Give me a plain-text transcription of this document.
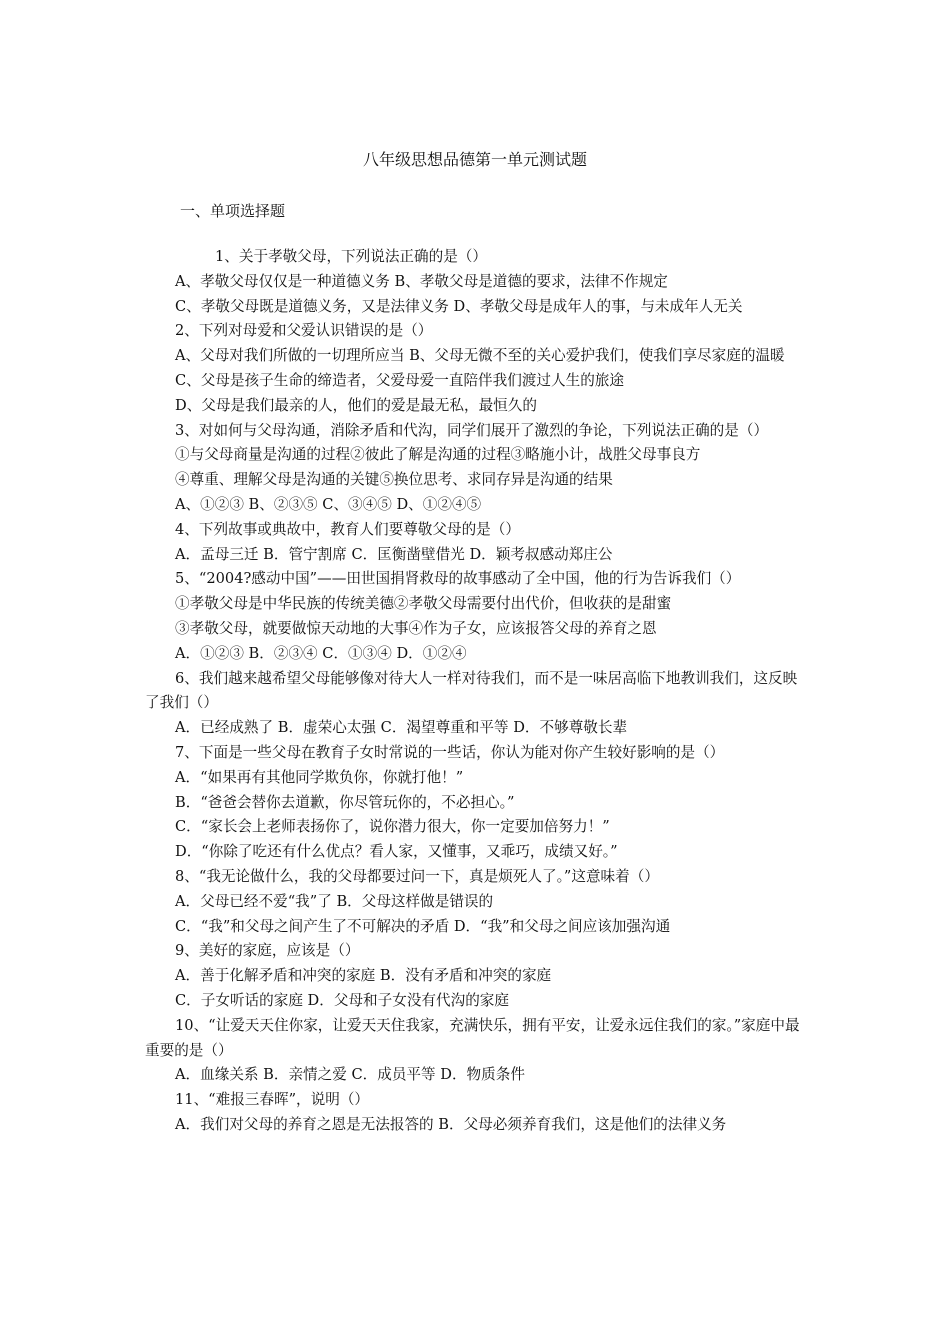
八年级思想品德第一单元测试题
一、单项选择题

1、关于孝敬父母，下列说法正确的是（）

A、孝敬父母仅仅是一种道德义务 B、孝敬父母是道德的要求，法律不作规定

C、孝敬父母既是道德义务，又是法律义务 D、孝敬父母是成年人的事，与未成年人无关

2、下列对母爱和父爱认识错误的是（）

A、父母对我们所做的一切理所应当 B、父母无微不至的关心爱护我们，使我们享尽家庭的温暖

C、父母是孩子生命的缔造者，父爱母爱一直陪伴我们渡过人生的旅途

D、父母是我们最亲的人，他们的爱是最无私，最恒久的

3、对如何与父母沟通，消除矛盾和代沟，同学们展开了激烈的争论，下列说法正确的是（）

①与父母商量是沟通的过程②彼此了解是沟通的过程③略施小计，战胜父母事良方

④尊重、理解父母是沟通的关键⑤换位思考、求同存异是沟通的结果

A、①②③ B、②③⑤ C、③④⑤ D、①②④⑤

4、下列故事或典故中，教育人们要尊敬父母的是（）

A．孟母三迁 B．管宁割席 C．匡衡凿壁借光 D．颖考叔感动郑庄公

5、“2004?感动中国”——田世国捐肾救母的故事感动了全中国，他的行为告诉我们（）

①孝敬父母是中华民族的传统美德②孝敬父母需要付出代价，但收获的是甜蜜

③孝敬父母，就要做惊天动地的大事④作为子女，应该报答父母的养育之恩

A．①②③ B．②③④ C．①③④ D．①②④

6、我们越来越希望父母能够像对待大人一样对待我们，而不是一味居高临下地教训我们，这反映了我们（）

A．已经成熟了 B．虚荣心太强 C．渴望尊重和平等 D．不够尊敬长辈

7、下面是一些父母在教育子女时常说的一些话，你认为能对你产生较好影响的是（）

A．“如果再有其他同学欺负你，你就打他！”

B．“爸爸会替你去道歉，你尽管玩你的，不必担心。”

C．“家长会上老师表扬你了，说你潜力很大，你一定要加倍努力！”

D．“你除了吃还有什么优点？看人家，又懂事，又乖巧，成绩又好。”

8、“我无论做什么，我的父母都要过问一下，真是烦死人了。”这意味着（）

A．父母已经不爱“我”了 B．父母这样做是错误的

C．“我”和父母之间产生了不可解决的矛盾 D．“我”和父母之间应该加强沟通

9、美好的家庭，应该是（）

A．善于化解矛盾和冲突的家庭 B．没有矛盾和冲突的家庭

C．子女听话的家庭 D．父母和子女没有代沟的家庭

10、“让爱天天住你家，让爱天天住我家，充满快乐，拥有平安，让爱永远住我们的家。”家庭中最重要的是（）

A．血缘关系 B．亲情之爱 C．成员平等 D．物质条件

11、“难报三春晖”，说明（）

A．我们对父母的养育之恩是无法报答的 B．父母必须养育我们，这是他们的法律义务
